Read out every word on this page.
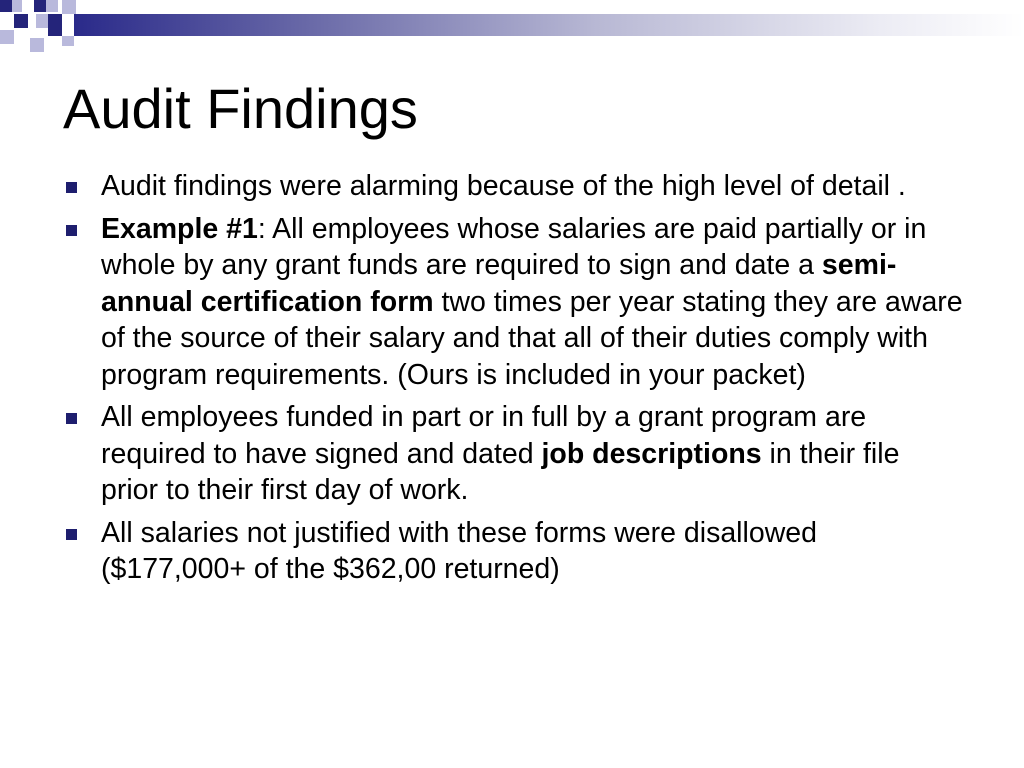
Audit Findings
Audit findings were alarming because of the high level of detail .
Example #1: All employees whose salaries are paid partially or in whole by any grant funds are required to sign and date a semi-annual certification form two times per year stating they are aware of the source of their salary and that all of their duties comply with program requirements. (Ours is included in your packet)
All employees funded in part or in full by a grant program are required to have signed and dated job descriptions in their file prior to their first day of work.
All salaries not justified with these forms were disallowed ($177,000+ of the $362,00 returned)
